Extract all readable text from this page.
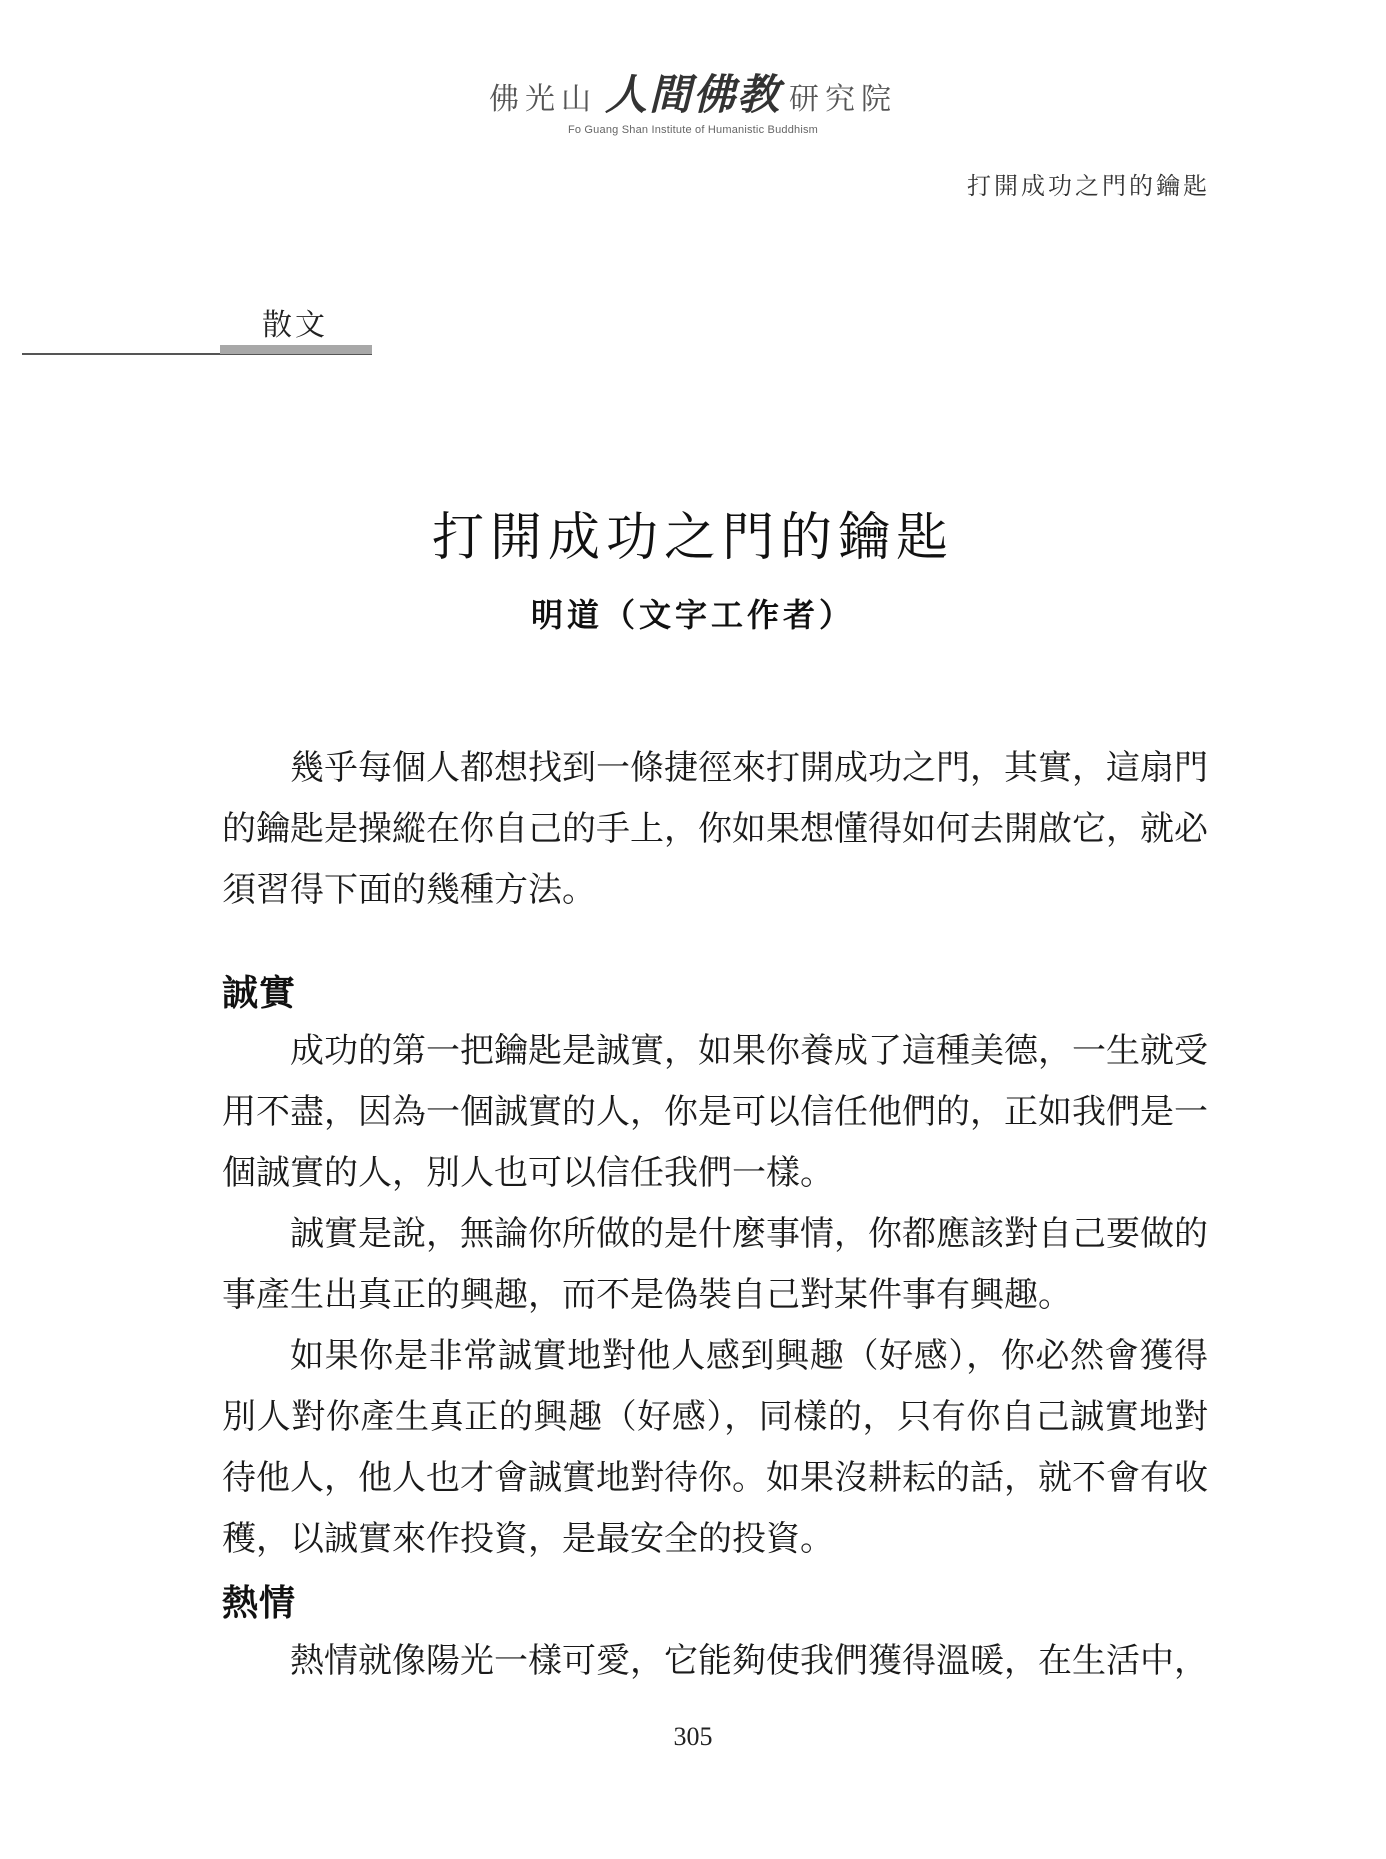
佛光山 人間佛教 研究院
Fo Guang Shan Institute of Humanistic Buddhism
打開成功之門的鑰匙
散文
打開成功之門的鑰匙
明道（文字工作者）

幾乎每個人都想找到一條捷徑來打開成功之門，其實，這扇門的鑰匙是操縱在你自己的手上，你如果想懂得如何去開啟它，就必須習得下面的幾種方法。

誠實

成功的第一把鑰匙是誠實，如果你養成了這種美德，一生就受用不盡，因為一個誠實的人，你是可以信任他們的，正如我們是一個誠實的人，別人也可以信任我們一樣。

誠實是說，無論你所做的是什麼事情，你都應該對自己要做的事產生出真正的興趣，而不是偽裝自己對某件事有興趣。

如果你是非常誠實地對他人感到興趣（好感），你必然會獲得別人對你產生真正的興趣（好感），同樣的，只有你自己誠實地對待他人，他人也才會誠實地對待你。如果沒耕耘的話，就不會有收穫，以誠實來作投資，是最安全的投資。

熱情

熱情就像陽光一樣可愛，它能夠使我們獲得溫暖，在生活中，

305
